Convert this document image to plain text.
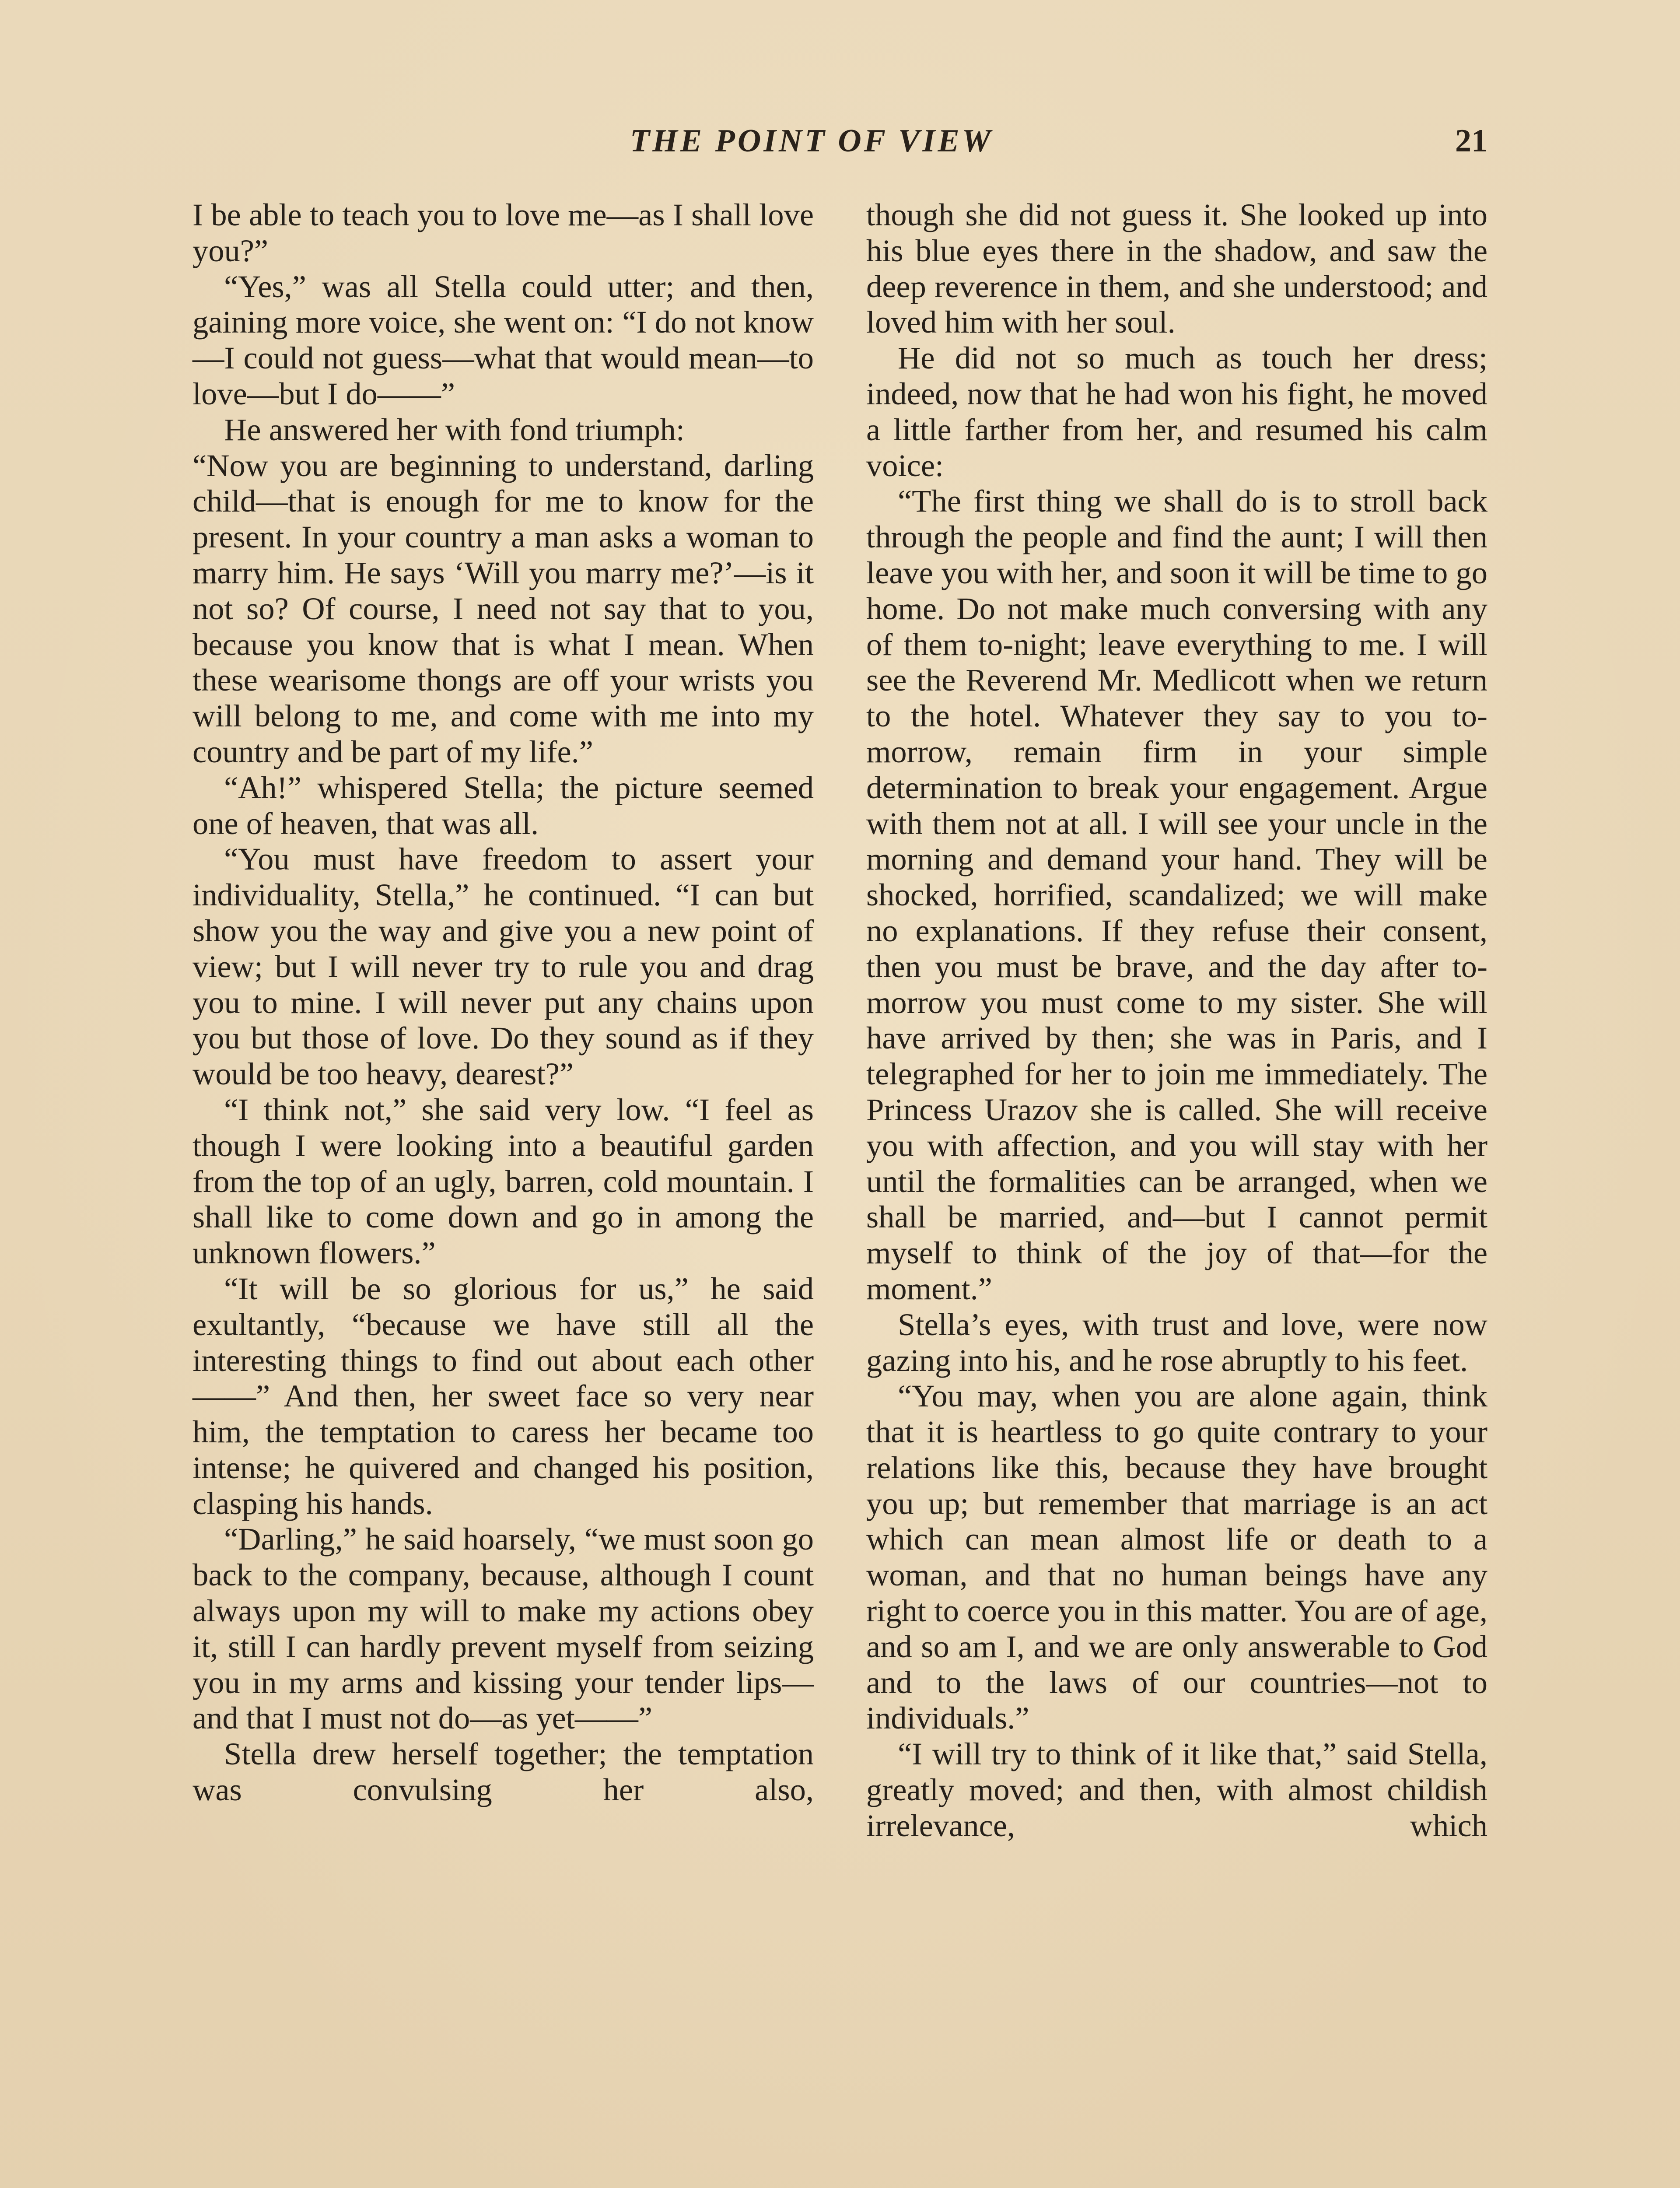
THE POINT OF VIEW	21

I be able to teach you to love me—as I shall love you?”

“Yes,” was all Stella could utter; and then, gaining more voice, she went on: “I do not know—I could not guess—what that would mean—to love—but I do——”

He answered her with fond triumph:

“Now you are beginning to understand, darling child—that is enough for me to know for the present. In your country a man asks a woman to marry him. He says ‘Will you marry me?’—is it not so? Of course, I need not say that to you, because you know that is what I mean. When these wearisome thongs are off your wrists you will belong to me, and come with me into my country and be part of my life.”

“Ah!” whispered Stella; the picture seemed one of heaven, that was all.

“You must have freedom to assert your individuality, Stella,” he continued. “I can but show you the way and give you a new point of view; but I will never try to rule you and drag you to mine. I will never put any chains upon you but those of love. Do they sound as if they would be too heavy, dearest?”

“I think not,” she said very low. “I feel as though I were looking into a beautiful garden from the top of an ugly, barren, cold mountain. I shall like to come down and go in among the unknown flowers.”

“It will be so glorious for us,” he said exultantly, “because we have still all the interesting things to find out about each other——” And then, her sweet face so very near him, the temptation to caress her became too intense; he quivered and changed his position, clasping his hands.

“Darling,” he said hoarsely, “we must soon go back to the company, because, although I count always upon my will to make my actions obey it, still I can hardly prevent myself from seizing you in my arms and kissing your tender lips—and that I must not do—as yet——”

Stella drew herself together; the temptation was convulsing her also,

though she did not guess it. She looked up into his blue eyes there in the shadow, and saw the deep reverence in them, and she understood; and loved him with her soul.

He did not so much as touch her dress; indeed, now that he had won his fight, he moved a little farther from her, and resumed his calm voice:

“The first thing we shall do is to stroll back through the people and find the aunt; I will then leave you with her, and soon it will be time to go home. Do not make much conversing with any of them to-night; leave everything to me. I will see the Reverend Mr. Medlicott when we return to the hotel. Whatever they say to you to-morrow, remain firm in your simple determination to break your engagement. Argue with them not at all. I will see your uncle in the morning and demand your hand. They will be shocked, horrified, scandalized; we will make no explanations. If they refuse their consent, then you must be brave, and the day after to-morrow you must come to my sister. She will have arrived by then; she was in Paris, and I telegraphed for her to join me immediately. The Princess Urazov she is called. She will receive you with affection, and you will stay with her until the formalities can be arranged, when we shall be married, and—but I cannot permit myself to think of the joy of that—for the moment.”

Stella’s eyes, with trust and love, were now gazing into his, and he rose abruptly to his feet.

“You may, when you are alone again, think that it is heartless to go quite contrary to your relations like this, because they have brought you up; but remember that marriage is an act which can mean almost life or death to a woman, and that no human beings have any right to coerce you in this matter. You are of age, and so am I, and we are only answerable to God and to the laws of our countries—not to individuals.”

“I will try to think of it like that,” said Stella, greatly moved; and then, with almost childish irrelevance, which
